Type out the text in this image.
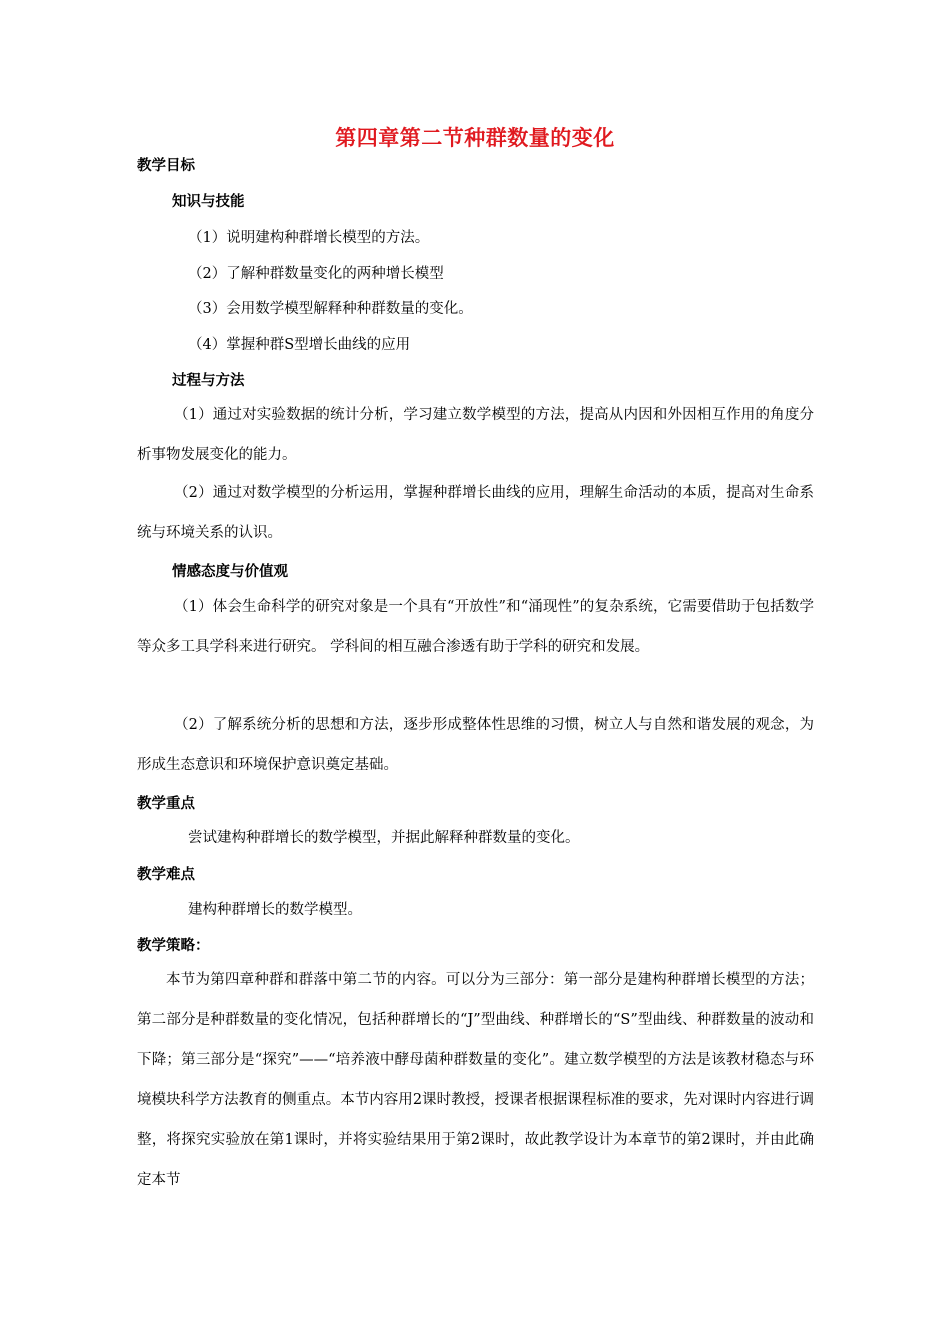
第四章第二节种群数量的变化
教学目标
知识与技能
（1）说明建构种群增长模型的方法。
（2）了解种群数量变化的两种增长模型
（3）会用数学模型解释种种群数量的变化。
（4）掌握种群S型增长曲线的应用
过程与方法
（1）通过对实验数据的统计分析，学习建立数学模型的方法，提高从内因和外因相互作用的角度分析事物发展变化的能力。
（2）通过对数学模型的分析运用，掌握种群增长曲线的应用，理解生命活动的本质，提高对生命系统与环境关系的认识。
情感态度与价值观
（1）体会生命科学的研究对象是一个具有“开放性”和“涌现性”的复杂系统，它需要借助于包括数学等众多工具学科来进行研究。 学科间的相互融合渗透有助于学科的研究和发展。
（2）了解系统分析的思想和方法，逐步形成整体性思维的习惯，树立人与自然和谐发展的观念，为形成生态意识和环境保护意识奠定基础。
教学重点
尝试建构种群增长的数学模型，并据此解释种群数量的变化。
教学难点
建构种群增长的数学模型。
教学策略：
本节为第四章种群和群落中第二节的内容。可以分为三部分：第一部分是建构种群增长模型的方法；第二部分是种群数量的变化情况，包括种群增长的“J”型曲线、种群增长的“S”型曲线、种群数量的波动和下降；第三部分是“探究”——“培养液中酵母菌种群数量的变化”。建立数学模型的方法是该教材稳态与环境模块科学方法教育的侧重点。本节内容用2课时教授，授课者根据课程标准的要求，先对课时内容进行调整，将探究实验放在第1课时，并将实验结果用于第2课时，故此教学设计为本章节的第2课时，并由此确定本节
